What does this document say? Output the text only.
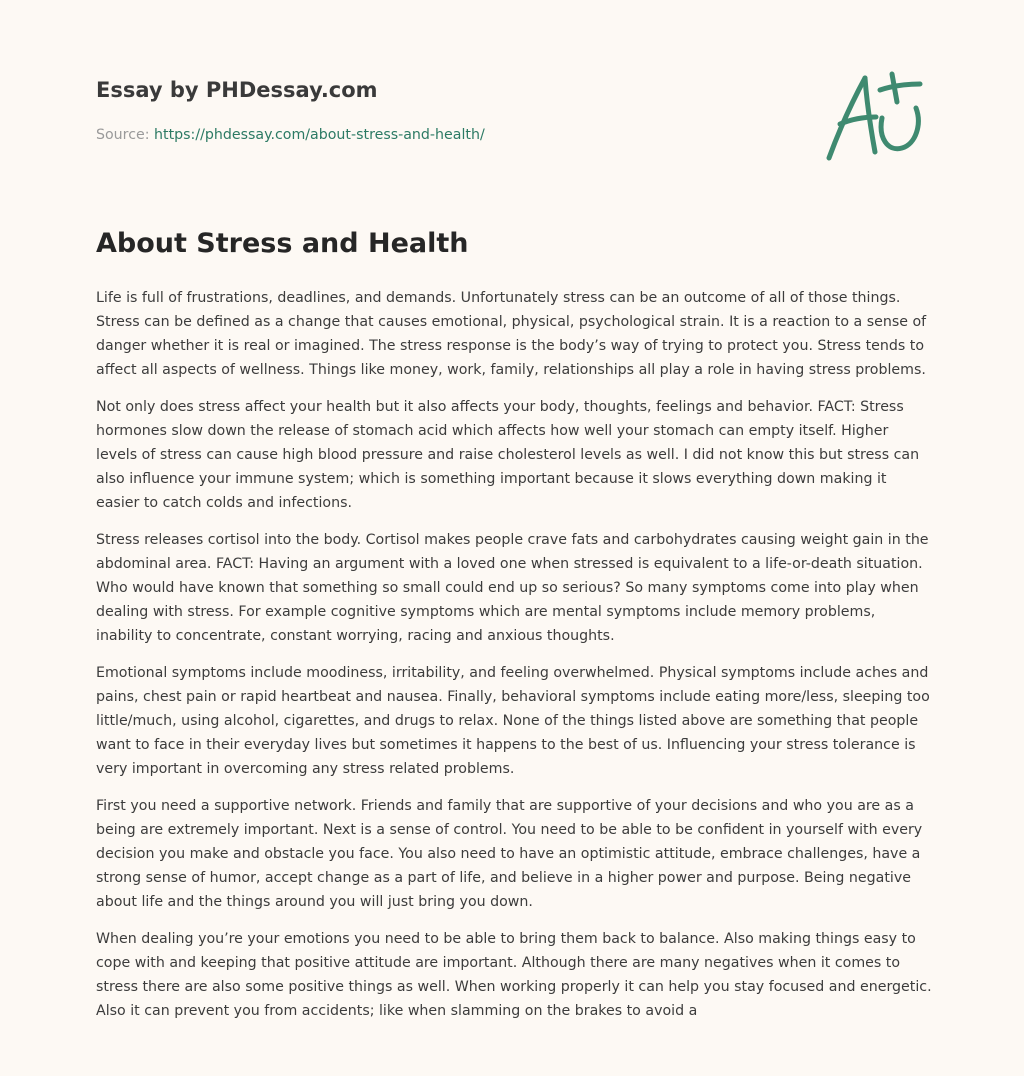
Essay by PHDessay.com
Source: https://phdessay.com/about-stress-and-health/
About Stress and Health

Life is full of frustrations, deadlines, and demands. Unfortunately stress can be an outcome of all of those things. Stress can be defined as a change that causes emotional, physical, psychological strain. It is a reaction to a sense of danger whether it is real or imagined. The stress response is the body’s way of trying to protect you. Stress tends to affect all aspects of wellness. Things like money, work, family, relationships all play a role in having stress problems.

Not only does stress affect your health but it also affects your body, thoughts, feelings and behavior. FACT: Stress hormones slow down the release of stomach acid which affects how well your stomach can empty itself. Higher levels of stress can cause high blood pressure and raise cholesterol levels as well. I did not know this but stress can also influence your immune system; which is something important because it slows everything down making it easier to catch colds and infections.

Stress releases cortisol into the body. Cortisol makes people crave fats and carbohydrates causing weight gain in the abdominal area. FACT: Having an argument with a loved one when stressed is equivalent to a life-or-death situation. Who would have known that something so small could end up so serious? So many symptoms come into play when dealing with stress. For example cognitive symptoms which are mental symptoms include memory problems, inability to concentrate, constant worrying, racing and anxious thoughts.

Emotional symptoms include moodiness, irritability, and feeling overwhelmed. Physical symptoms include aches and pains, chest pain or rapid heartbeat and nausea. Finally, behavioral symptoms include eating more/less, sleeping too little/much, using alcohol, cigarettes, and drugs to relax. None of the things listed above are something that people want to face in their everyday lives but sometimes it happens to the best of us. Influencing your stress tolerance is very important in overcoming any stress related problems.

First you need a supportive network. Friends and family that are supportive of your decisions and who you are as a being are extremely important. Next is a sense of control. You need to be able to be confident in yourself with every decision you make and obstacle you face. You also need to have an optimistic attitude, embrace challenges, have a strong sense of humor, accept change as a part of life, and believe in a higher power and purpose. Being negative about life and the things around you will just bring you down.

When dealing you’re your emotions you need to be able to bring them back to balance. Also making things easy to cope with and keeping that positive attitude are important. Although there are many negatives when it comes to stress there are also some positive things as well. When working properly it can help you stay focused and energetic. Also it can prevent you from accidents; like when slamming on the brakes to avoid a
